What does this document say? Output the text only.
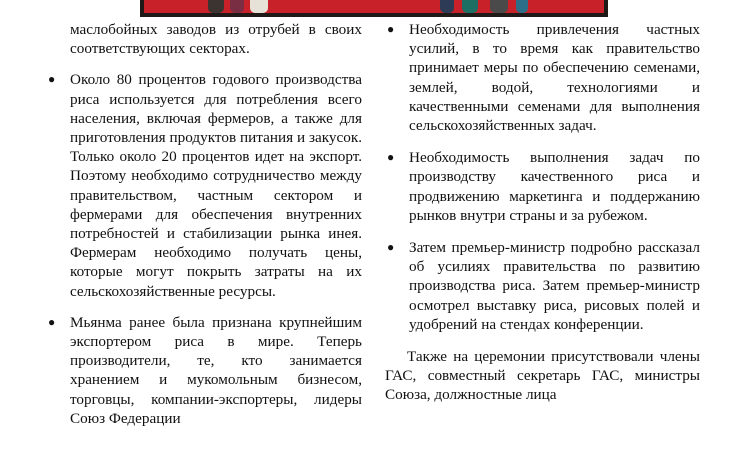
маслобойных заводов из отрубей в своих соответствующих секторах.

● Около 80 процентов годового производства риса используется для потребления всего населения, включая фермеров, а также для приготовления продуктов питания и закусок. Только около 20 процентов идет на экспорт. Поэтому необходимо сотрудничество между правительством, частным сектором и фермерами для обеспечения внутренних потребностей и стабилизации рынка инея. Фермерам необходимо получать цены, которые могут покрыть затраты на их сельскохозяйственные ресурсы.
● Мьянма ранее была признана крупнейшим экспортером риса в мире. Теперь производители, те, кто занимается хранением и мукомольным бизнесом, торговцы, компании-экспортеры, лидеры Союз Федерации
● Необходимость привлечения частных усилий, в то время как правительство принимает меры по обеспечению семенами, землей, водой, технологиями и качественными семенами для выполнения сельскохозяйственных задач.
● Необходимость выполнения задач по производству качественного риса и продвижению маркетинга и поддержанию рынков внутри страны и за рубежом.
● Затем премьер-министр подробно рассказал об усилиях правительства по развитию производства риса. Затем премьер-министр осмотрел выставку риса, рисовых полей и удобрений на стендах конференции.

Также на церемонии присутствовали члены ГАС, совместный секретарь ГАС, министры Союза, должностные лица
